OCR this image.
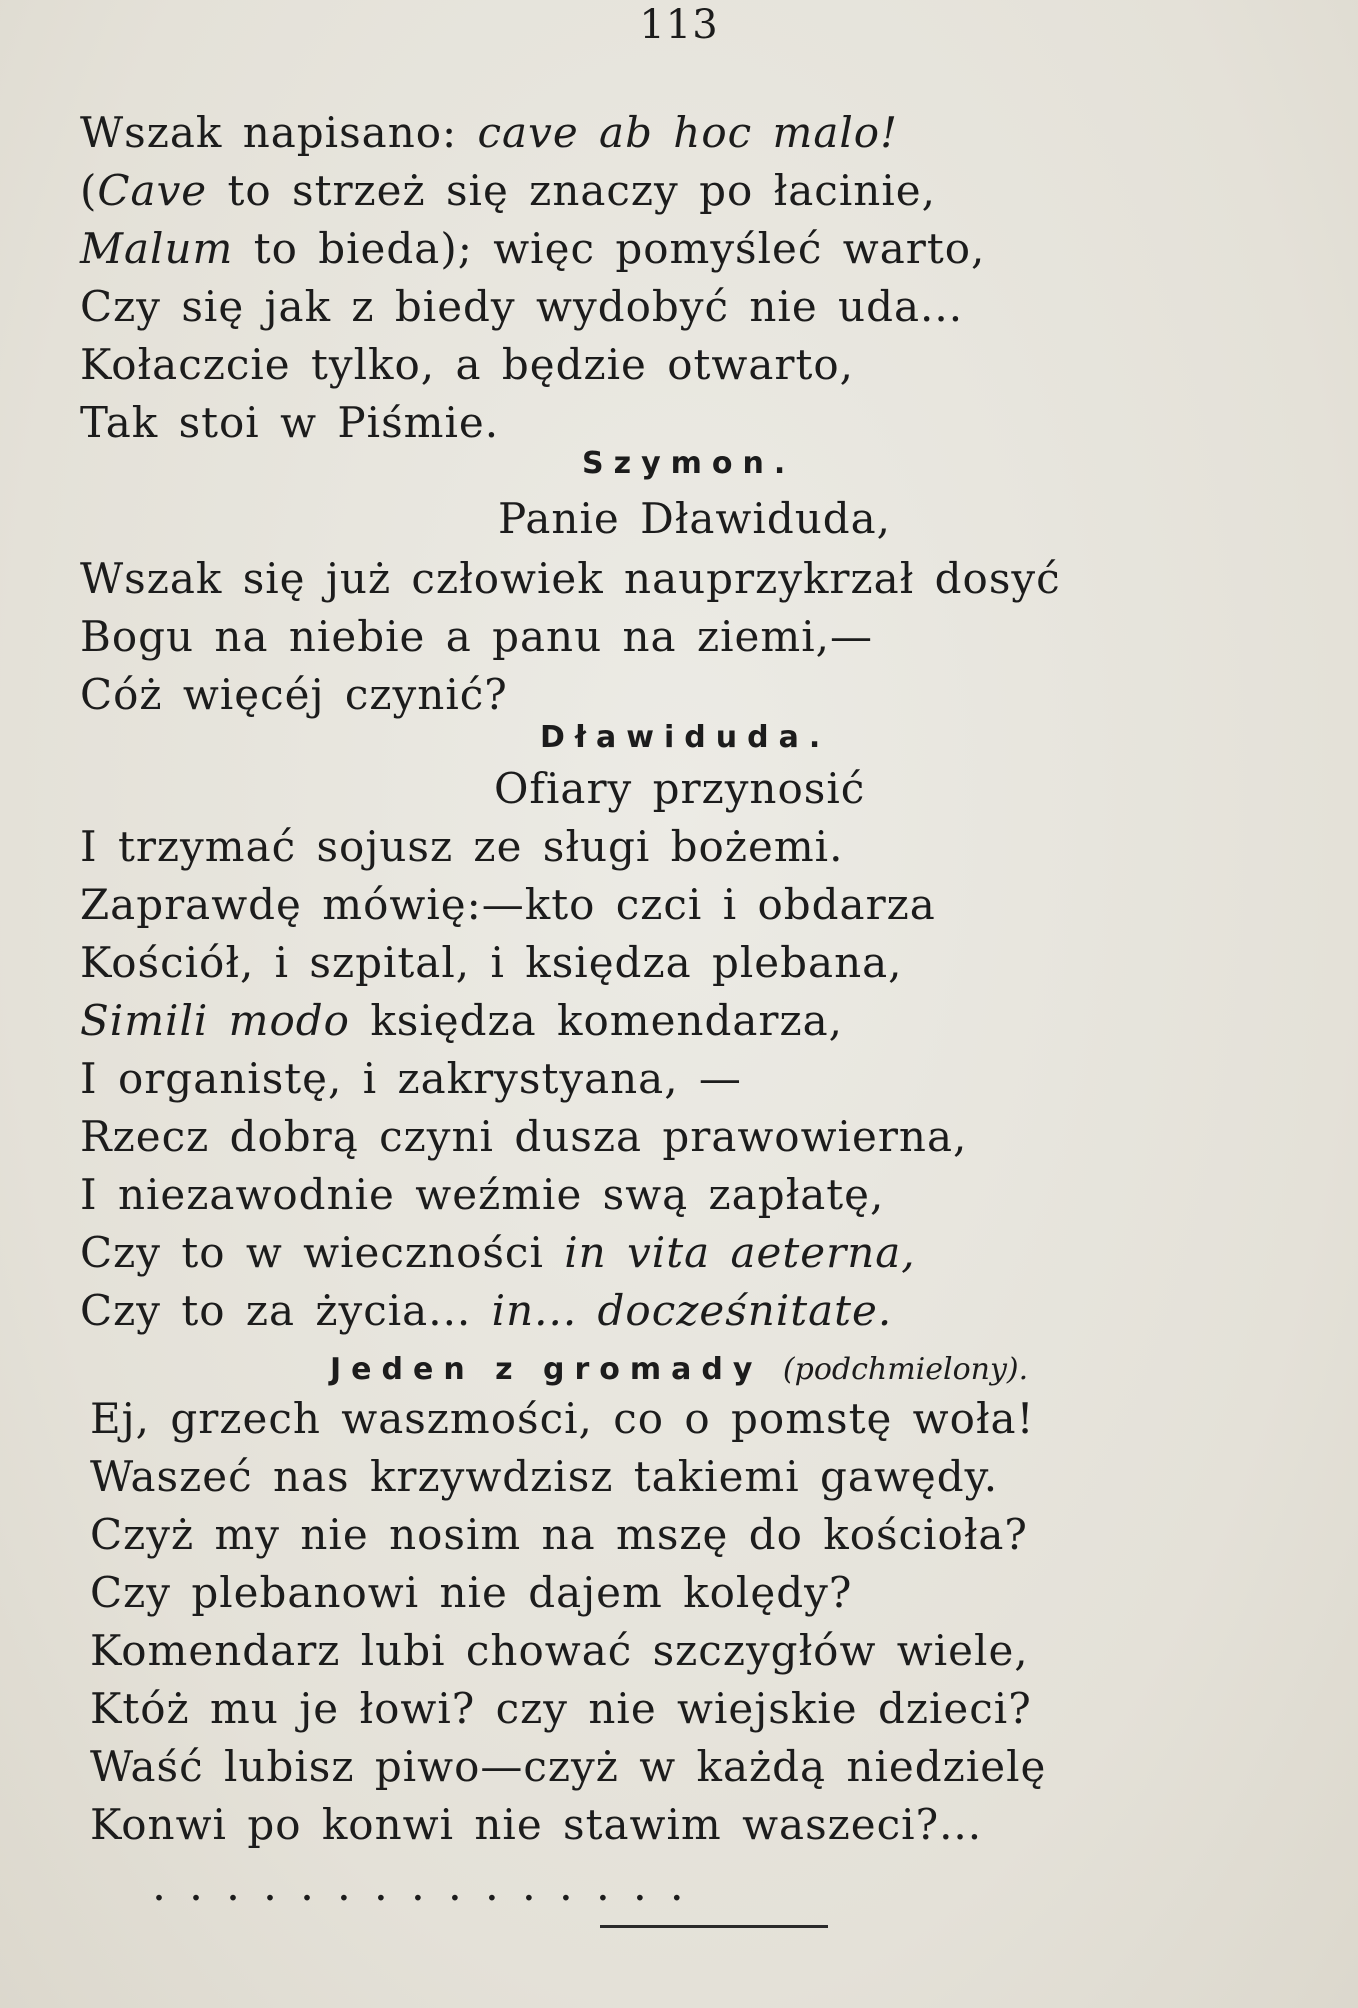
113
Wszak napisano: cave ab hoc malo!
(Cave to strzeż się znaczy po łacinie,
Malum to bieda); więc pomyśleć warto,
Czy się jak z biedy wydobyć nie uda...
Kołaczcie tylko, a będzie otwarto,
Tak stoi w Piśmie.
Szymon.
Panie Dławiduda,
Wszak się już człowiek nauprzykrzał dosyć
Bogu na niebie a panu na ziemi,—
Cóż więcéj czynić?
Dławiduda.
Ofiary przynosić
I trzymać sojusz ze sługi bożemi.
Zaprawdę mówię:—kto czci i obdarza
Kościół, i szpital, i księdza plebana,
Simili modo księdza komendarza,
I organistę, i zakrystyana, —
Rzecz dobrą czyni dusza prawowierna,
I niezawodnie weźmie swą zapłatę,
Czy to w wieczności in vita aeterna,
Czy to za życia... in... docześnitate.
Jeden z gromady (podchmielony).
Ej, grzech waszmości, co o pomstę woła!
Waszeć nas krzywdzisz takiemi gawędy.
Czyż my nie nosim na mszę do kościoła?
Czy plebanowi nie dajem kolędy?
Komendarz lubi chować szczygłów wiele,
Któż mu je łowi? czy nie wiejskie dzieci?
Waść lubisz piwo—czyż w każdą niedzielę
Konwi po konwi nie stawim waszeci?...
...............
